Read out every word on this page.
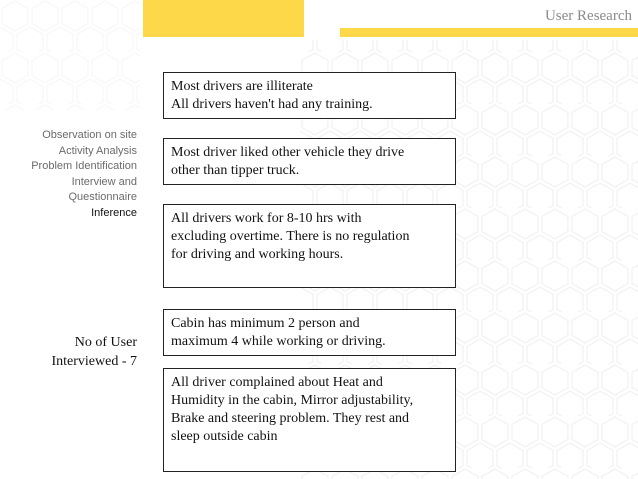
User Research
Observation on site
Activity Analysis
Problem Identification
Interview and
Questionnaire
Inference
No of User
Interviewed - 7
Most drivers are illiterate
All drivers haven't had any training.
Most driver liked other vehicle they drive
other than tipper truck.
All drivers work for 8-10 hrs with
excluding overtime. There is no regulation
for driving and working hours.
Cabin has minimum 2 person and
maximum 4 while working or driving.
All driver complained about Heat and
Humidity in the cabin, Mirror adjustability,
Brake and steering problem. They rest and
sleep outside cabin
